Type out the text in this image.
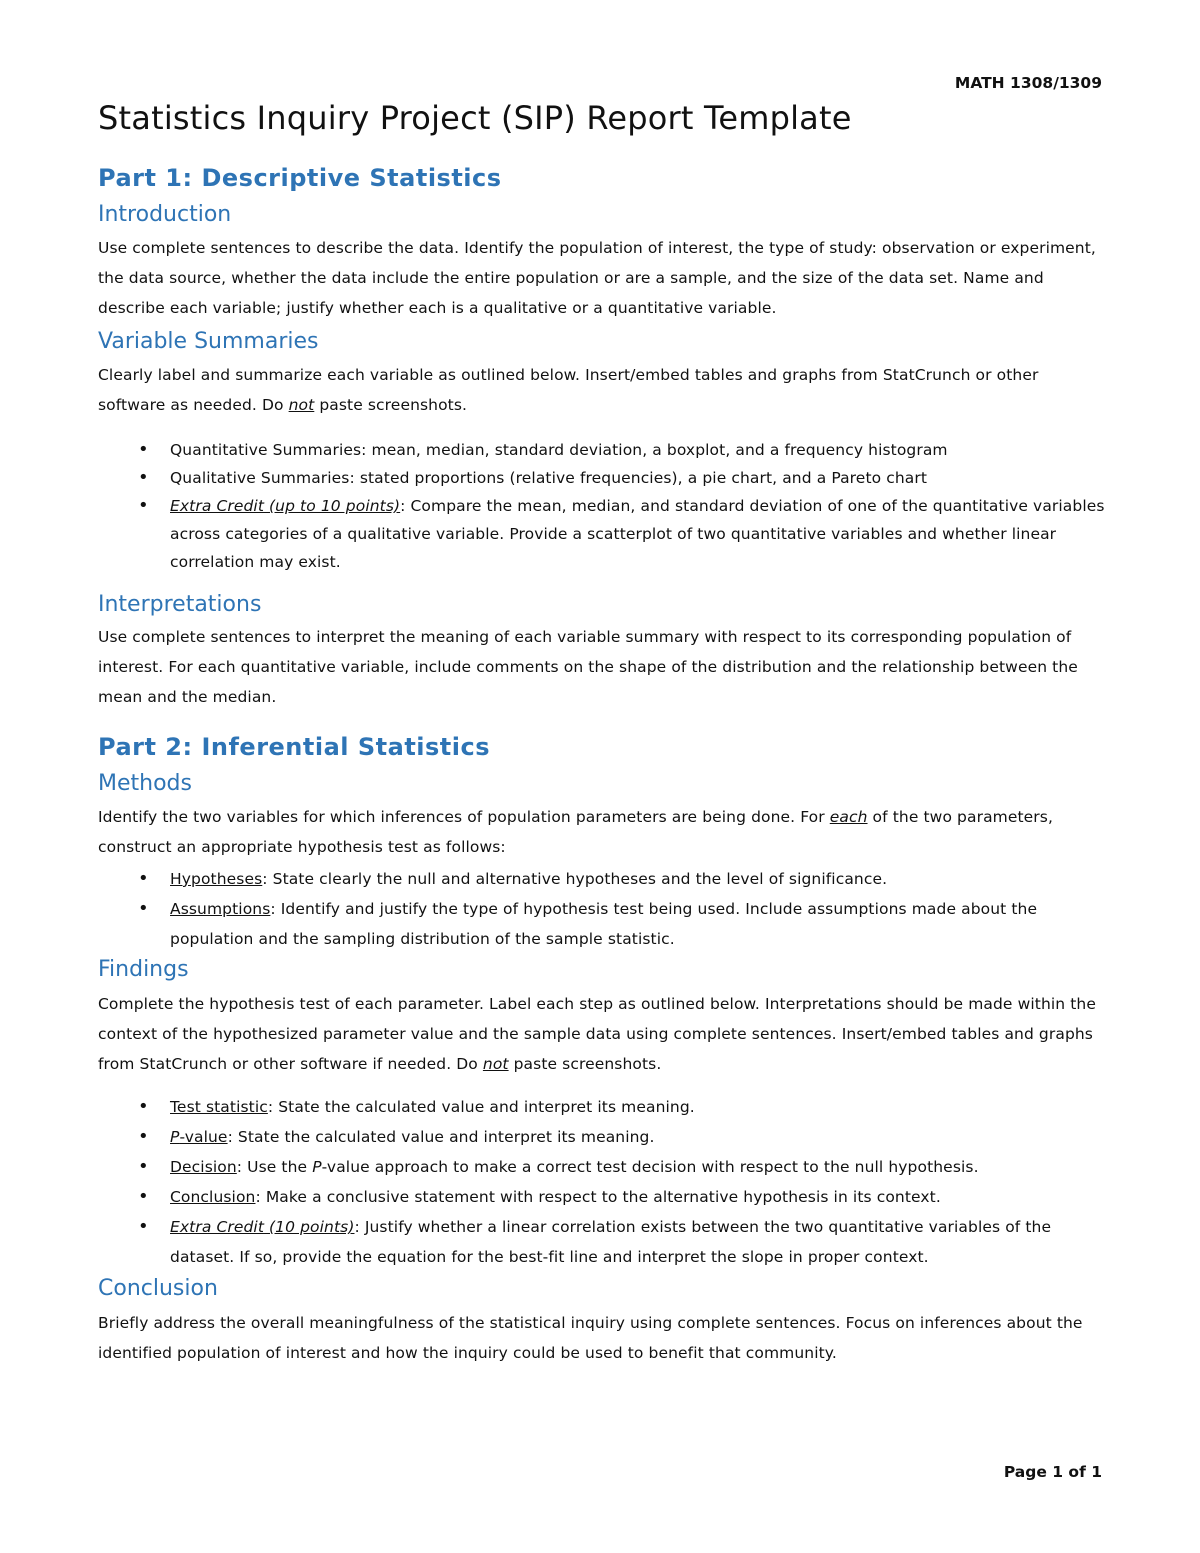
MATH 1308/1309
Statistics Inquiry Project (SIP) Report Template
Part 1: Descriptive Statistics
Introduction

Use complete sentences to describe the data. Identify the population of interest, the type of study: observation or experiment, the data source, whether the data include the entire population or are a sample, and the size of the data set. Name and describe each variable; justify whether each is a qualitative or a quantitative variable.

Variable Summaries

Clearly label and summarize each variable as outlined below. Insert/embed tables and graphs from StatCrunch or other software as needed. Do not paste screenshots.

• Quantitative Summaries: mean, median, standard deviation, a boxplot, and a frequency histogram
• Qualitative Summaries: stated proportions (relative frequencies), a pie chart, and a Pareto chart
• Extra Credit (up to 10 points): Compare the mean, median, and standard deviation of one of the quantitative variables across categories of a qualitative variable. Provide a scatterplot of two quantitative variables and whether linear correlation may exist.
Interpretations

Use complete sentences to interpret the meaning of each variable summary with respect to its corresponding population of interest. For each quantitative variable, include comments on the shape of the distribution and the relationship between the mean and the median.

Part 2: Inferential Statistics
Methods

Identify the two variables for which inferences of population parameters are being done. For each of the two parameters, construct an appropriate hypothesis test as follows:

• Hypotheses: State clearly the null and alternative hypotheses and the level of significance.
• Assumptions: Identify and justify the type of hypothesis test being used. Include assumptions made about the population and the sampling distribution of the sample statistic.
Findings

Complete the hypothesis test of each parameter. Label each step as outlined below. Interpretations should be made within the context of the hypothesized parameter value and the sample data using complete sentences. Insert/embed tables and graphs from StatCrunch or other software if needed. Do not paste screenshots.

• Test statistic: State the calculated value and interpret its meaning.
• P-value: State the calculated value and interpret its meaning.
• Decision: Use the P-value approach to make a correct test decision with respect to the null hypothesis.
• Conclusion: Make a conclusive statement with respect to the alternative hypothesis in its context.
• Extra Credit (10 points): Justify whether a linear correlation exists between the two quantitative variables of the dataset. If so, provide the equation for the best-fit line and interpret the slope in proper context.
Conclusion

Briefly address the overall meaningfulness of the statistical inquiry using complete sentences. Focus on inferences about the identified population of interest and how the inquiry could be used to benefit that community.

Page 1 of 1
